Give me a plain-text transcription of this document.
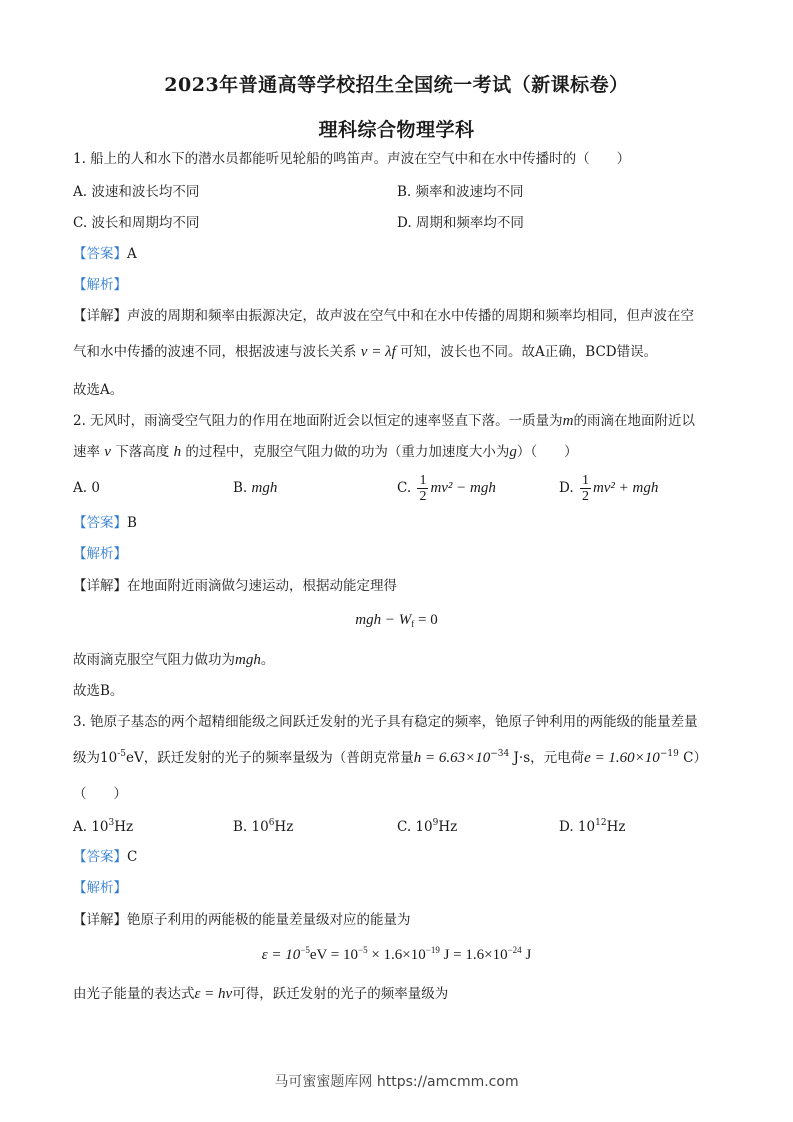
2023年普通高等学校招生全国统一考试（新课标卷）
理科综合物理学科
1. 船上的人和水下的潜水员都能听见轮船的鸣笛声。声波在空气中和在水中传播时的（　　）
A. 波速和波长均不同	B. 频率和波速均不同
C. 波长和周期均不同	D. 周期和频率均不同
【答案】A
【解析】
【详解】声波的周期和频率由振源决定，故声波在空气中和在水中传播的周期和频率均相同，但声波在空
气和水中传播的波速不同，根据波速与波长关系 v = λf 可知，波长也不同。故A正确，BCD错误。
故选A。
2. 无风时，雨滴受空气阻力的作用在地面附近会以恒定的速率竖直下落。一质量为m的雨滴在地面附近以
速率 v 下落高度 h 的过程中，克服空气阻力做的功为（重力加速度大小为g）（　　）
A. 0	B. mgh	C. $\frac{1}{2} mv^2$ − mgh	D. $\frac{1}{2} mv^2$ + mgh
【答案】B
【解析】
【详解】在地面附近雨滴做匀速运动，根据动能定理得
mgh − $W_f = 0$
故雨滴克服空气阻力做功为mgh。
故选B。
3. 铯原子基态的两个超精细能级之间跃迁发射的光子具有稳定的频率，铯原子钟利用的两能级的能量差量
级为$10^{-5}eV$，跃迁发射的光子的频率量级为（普朗克常量$h = 6.63\times 10^{-34}$ J·s，元电荷$e = 1.60\times 10^{-19}$ C）
（　　）
A. $10^3Hz$	B. $10^6Hz$	C. $10^9Hz$	D. $10^{12}Hz$
【答案】C
【解析】
【详解】铯原子利用的两能极的能量差量级对应的能量为
$\varepsilon = 10^{-5}eV = 10^{-5} \times 1.6\times 10^{-19}$ $J = 1.6\times 10^{-24}$ J
由光子能量的表达式ε = hν可得，跃迁发射的光子的频率量级为
马可蜜蜜题库网 https://amcmm.com
